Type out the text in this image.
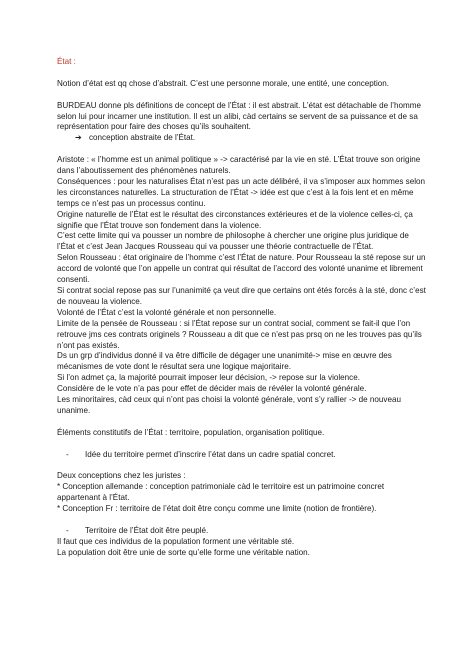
État :

Notion d’état est qq chose d’abstrait. C’est une personne morale, une entité, une conception.

BURDEAU donne pls définitions de concept de l’État : il est abstrait. L’état est détachable de l’homme selon lui pour incarner une institution. Il est un alibi, càd certains se servent de sa puissance et de sa représentation pour faire des choses qu’ils souhaitent.

➔ conception abstraite de l’État.

Aristote : « l’homme est un animal politique » -> caractérisé par la vie en sté. L’État trouve son origine dans l’aboutissement des phénomènes naturels.

Conséquences : pour les naturalises État n’est pas un acte délibéré, il va s’imposer aux hommes selon les circonstances naturelles. La structuration de l’État -> idée est que c’est à la fois lent et en même temps ce n’est pas un processus continu.

Origine naturelle de l’État est le résultat des circonstances extérieures et de la violence celles-ci, ça signifie que l’État trouve son fondement dans la violence.

C’est cette limite qui va pousser un nombre de philosophe à chercher une origine plus juridique de l’État et c’est Jean Jacques Rousseau qui va pousser une théorie contractuelle de l’État.

Selon Rousseau : état originaire de l’homme c’est l’État de nature. Pour Rousseau la sté repose sur un accord de volonté que l’on appelle un contrat qui résultat de l’accord des volonté unanime et librement consenti.

Si contrat social repose pas sur l’unanimité ça veut dire que certains ont étés forcés à la sté, donc c’est de nouveau la violence.

Volonté de l’État c’est la volonté générale et non personnelle.

Limite de la pensée de Rousseau : si l’État repose sur un contrat social, comment se fait-il que l’on retrouve jms ces contrats originels ? Rousseau a dit que ce n’est pas prsq on ne les trouves pas qu’ils n’ont pas existés.

Ds un grp d’individus donné il va être difficile de dégager une unanimité-> mise en œuvre des mécanismes de vote dont le résultat sera une logique majoritaire.

Si l’on admet ça, la majorité pourrait imposer leur décision, -> repose sur la violence.

Considère de le vote n’a pas pour effet de décider mais de révéler la volonté générale.

Les minoritaires, càd ceux qui n’ont pas choisi la volonté générale, vont s’y rallier -> de nouveau unanime.

Éléments constitutifs de l’État : territoire, population, organisation politique.

- Idée du territoire permet d’inscrire l’état dans un cadre spatial concret.

Deux conceptions chez les juristes :

* Conception allemande : conception patrimoniale càd le territoire est un patrimoine concret appartenant à l’État.

* Conception Fr : territoire de l’état doit être conçu comme une limite (notion de frontière).

- Territoire de l’État doit être peuplé.

Il faut que ces individus de la population forment une véritable sté.

La population doit être unie de sorte qu’elle forme une véritable nation.
